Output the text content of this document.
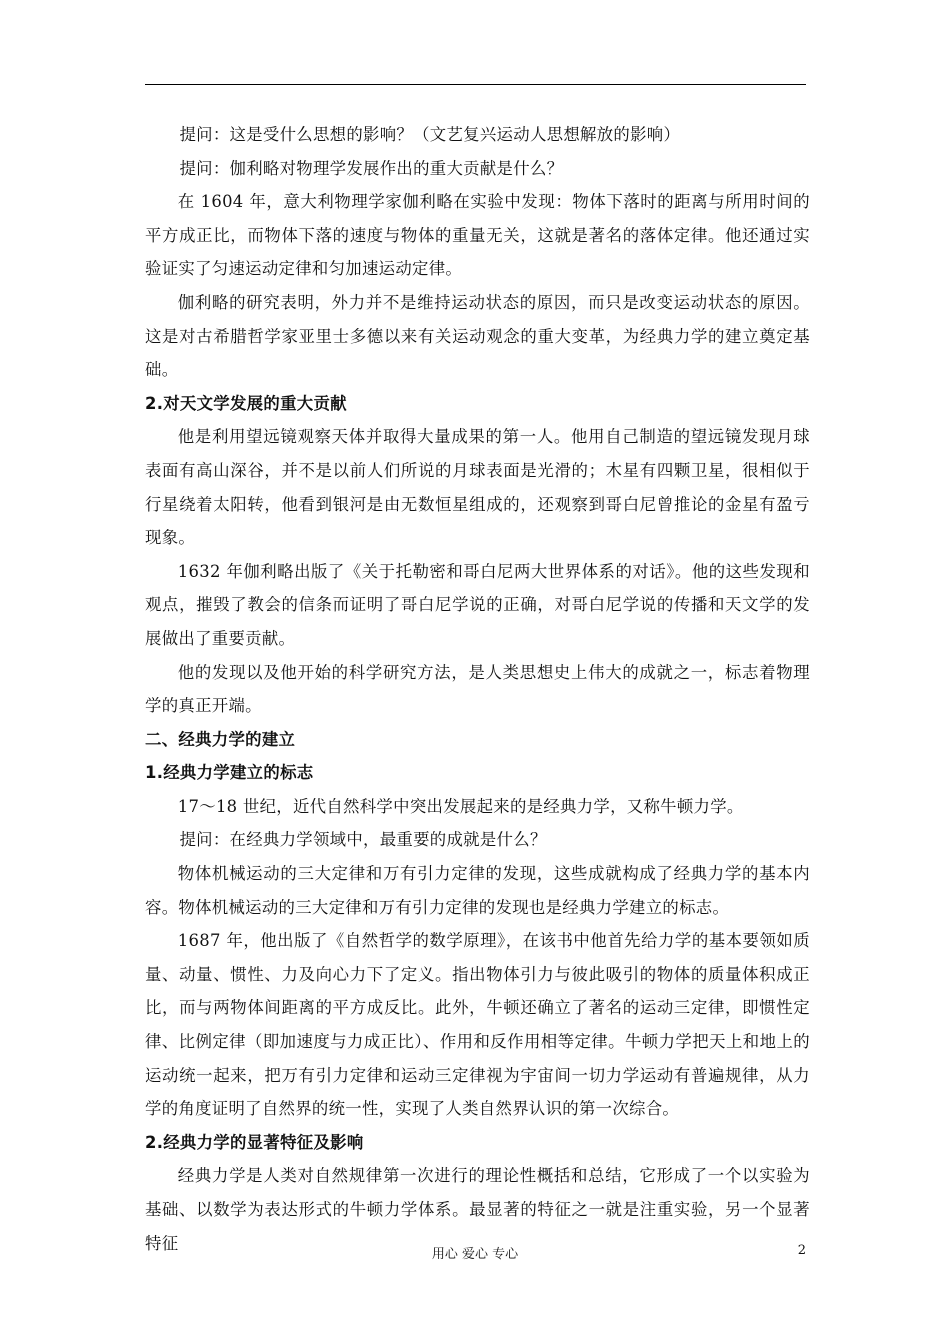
提问：这是受什么思想的影响？（文艺复兴运动人思想解放的影响）

提问：伽利略对物理学发展作出的重大贡献是什么？

在 1604 年，意大利物理学家伽利略在实验中发现：物体下落时的距离与所用时间的平方成正比，而物体下落的速度与物体的重量无关，这就是著名的落体定律。他还通过实验证实了匀速运动定律和匀加速运动定律。

伽利略的研究表明，外力并不是维持运动状态的原因，而只是改变运动状态的原因。这是对古希腊哲学家亚里士多德以来有关运动观念的重大变革，为经典力学的建立奠定基础。

2.对天文学发展的重大贡献

他是利用望远镜观察天体并取得大量成果的第一人。他用自己制造的望远镜发现月球表面有高山深谷，并不是以前人们所说的月球表面是光滑的；木星有四颗卫星，很相似于行星绕着太阳转，他看到银河是由无数恒星组成的，还观察到哥白尼曾推论的金星有盈亏现象。

1632 年伽利略出版了《关于托勒密和哥白尼两大世界体系的对话》。他的这些发现和观点，摧毁了教会的信条而证明了哥白尼学说的正确，对哥白尼学说的传播和天文学的发展做出了重要贡献。

他的发现以及他开始的科学研究方法，是人类思想史上伟大的成就之一，标志着物理学的真正开端。

二、经典力学的建立
1.经典力学建立的标志

17～18 世纪，近代自然科学中突出发展起来的是经典力学，又称牛顿力学。

提问：在经典力学领域中，最重要的成就是什么？

物体机械运动的三大定律和万有引力定律的发现，这些成就构成了经典力学的基本内容。物体机械运动的三大定律和万有引力定律的发现也是经典力学建立的标志。

1687 年，他出版了《自然哲学的数学原理》，在该书中他首先给力学的基本要领如质量、动量、惯性、力及向心力下了定义。指出物体引力与彼此吸引的物体的质量体积成正比，而与两物体间距离的平方成反比。此外，牛顿还确立了著名的运动三定律，即惯性定律、比例定律（即加速度与力成正比）、作用和反作用相等定律。牛顿力学把天上和地上的运动统一起来，把万有引力定律和运动三定律视为宇宙间一切力学运动有普遍规律，从力学的角度证明了自然界的统一性，实现了人类自然界认识的第一次综合。

2.经典力学的显著特征及影响

经典力学是人类对自然规律第一次进行的理论性概括和总结，它形成了一个以实验为基础、以数学为表达形式的牛顿力学体系。最显著的特征之一就是注重实验，另一个显著特征

用心 爱心 专心	2
